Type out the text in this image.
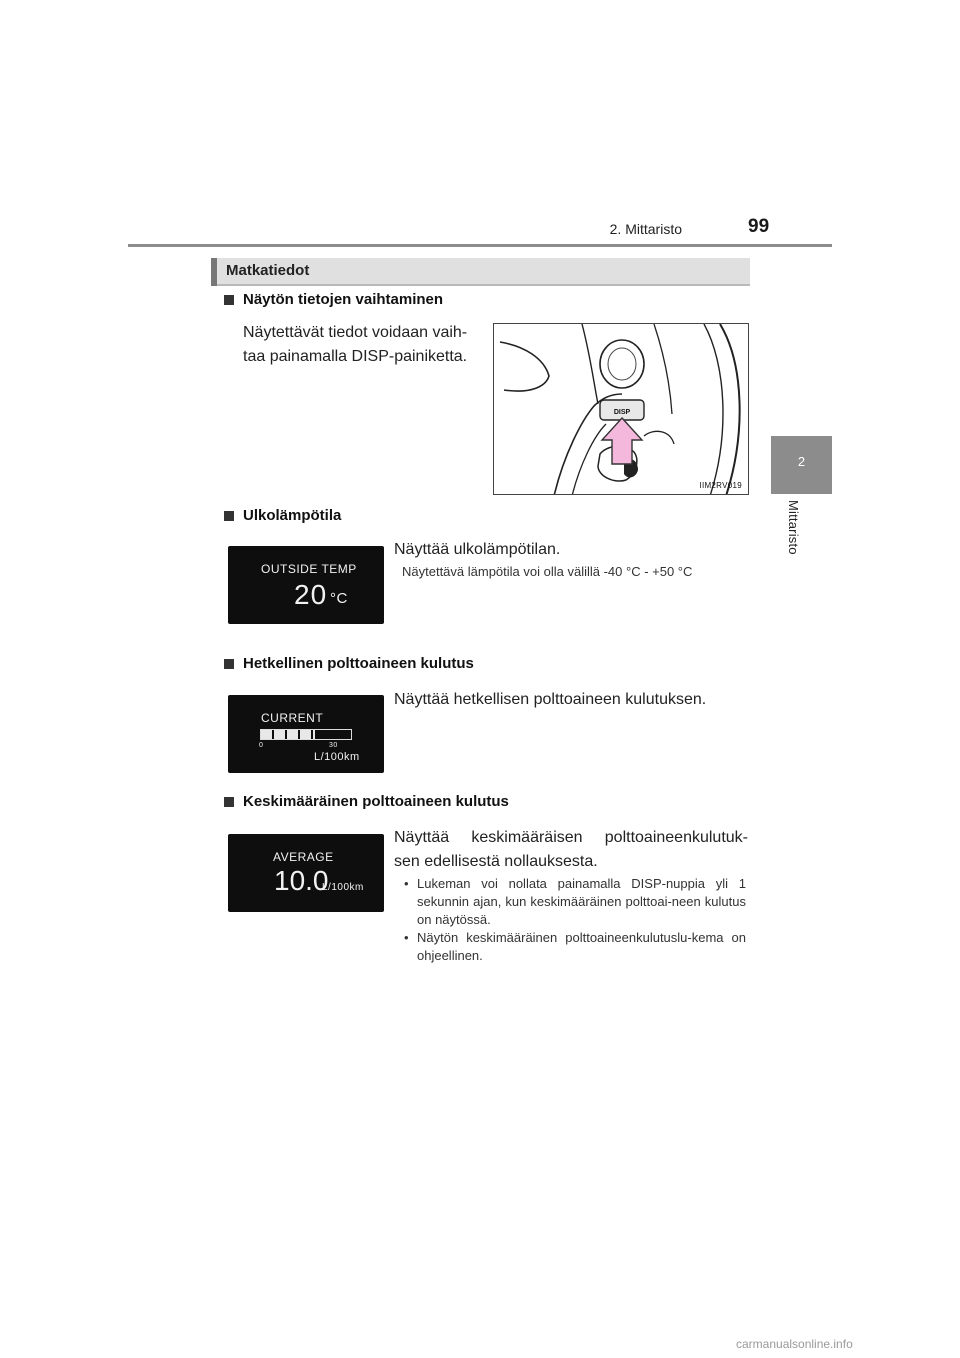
2. Mittaristo	99
2
Mittaristo
Matkatiedot
Näytön tietojen vaihtaminen
Näytettävät tiedot voidaan vaih-
taa painamalla DISP-painiketta.
DISP
IIM2RV019
Ulkolämpötila
OUTSIDE TEMP
20 °C
Näyttää ulkolämpötilan.
Näytettävä lämpötila voi olla välillä -40 °C - +50 °C
Hetkellinen polttoaineen kulutus
CURRENT
0	30
L/100km
Näyttää hetkellisen polttoaineen kulutuksen.
Keskimääräinen polttoaineen kulutus
AVERAGE
10.0
L/100km
Näyttää keskimääräisen polttoaineenkulutuk-
sen edellisestä nollauksesta.
• Lukeman voi nollata painamalla DISP-nuppia yli 1 sekunnin ajan, kun keskimääräinen polttoai-neen kulutus on näytössä.
• Näytön keskimääräinen polttoaineenkulutuslu-kema on ohjeellinen.
carmanualsonline.info
